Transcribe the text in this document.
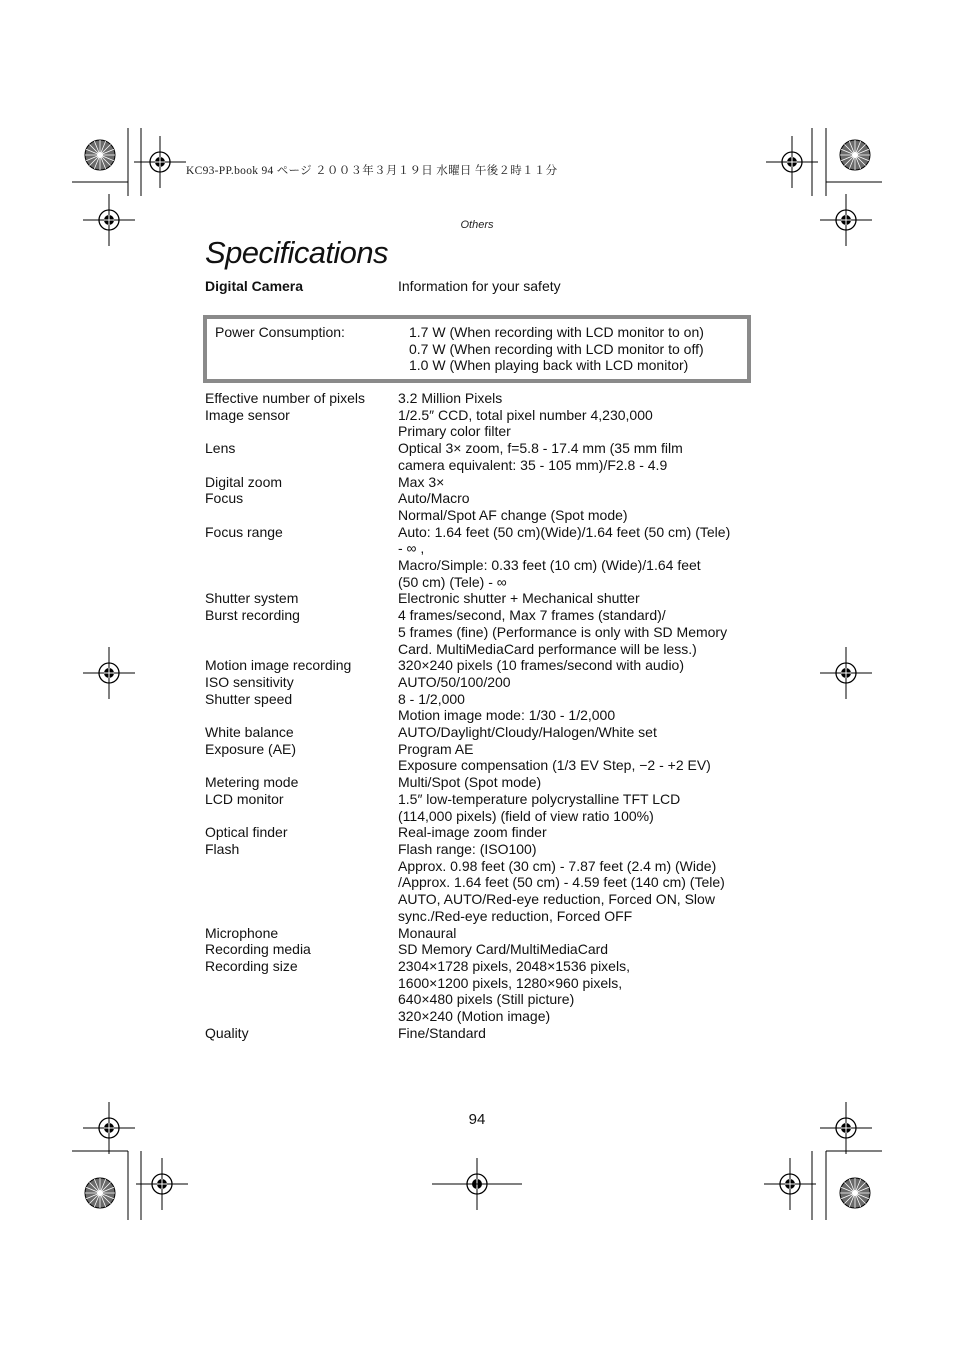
KC93-PP.book 94 ページ ２００３年３月１９日 水曜日 午後２時１１分
Others
Specifications
Digital Camera	Information for your safety
Power Consumption:	1.7 W (When recording with LCD monitor to on)
0.7 W (When recording with LCD monitor to off)
1.0 W (When playing back with LCD monitor)
Effective number of pixels	3.2 Million Pixels
Image sensor	1/2.5″ CCD, total pixel number 4,230,000
Primary color filter
Lens	Optical 3× zoom, f=5.8 - 17.4 mm (35 mm film
camera equivalent: 35 - 105 mm)/F2.8 - 4.9
Digital zoom	Max 3×
Focus	Auto/Macro
Normal/Spot AF change (Spot mode)
Focus range	Auto: 1.64 feet (50 cm)(Wide)/1.64 feet (50 cm) (Tele)
- ∞ ,
Macro/Simple: 0.33 feet (10 cm) (Wide)/1.64 feet
(50 cm) (Tele) - ∞
Shutter system	Electronic shutter + Mechanical shutter
Burst recording	4 frames/second, Max 7 frames (standard)/
5 frames (fine) (Performance is only with SD Memory
Card. MultiMediaCard performance will be less.)
Motion image recording	320×240 pixels (10 frames/second with audio)
ISO sensitivity	AUTO/50/100/200
Shutter speed	8 - 1/2,000
Motion image mode: 1/30 - 1/2,000
White balance	AUTO/Daylight/Cloudy/Halogen/White set
Exposure (AE)	Program AE
Exposure compensation (1/3 EV Step, −2 - +2 EV)
Metering mode	Multi/Spot (Spot mode)
LCD monitor	1.5″ low-temperature polycrystalline TFT LCD
(114,000 pixels) (field of view ratio 100%)
Optical finder	Real-image zoom finder
Flash	Flash range: (ISO100)
Approx. 0.98 feet (30 cm) - 7.87 feet (2.4 m) (Wide)
/Approx. 1.64 feet (50 cm) - 4.59 feet (140 cm) (Tele)
AUTO, AUTO/Red-eye reduction, Forced ON, Slow
sync./Red-eye reduction, Forced OFF
Microphone	Monaural
Recording media	SD Memory Card/MultiMediaCard
Recording size	2304×1728 pixels, 2048×1536 pixels,
1600×1200 pixels, 1280×960 pixels,
640×480 pixels (Still picture)
320×240 (Motion image)
Quality	Fine/Standard
94
